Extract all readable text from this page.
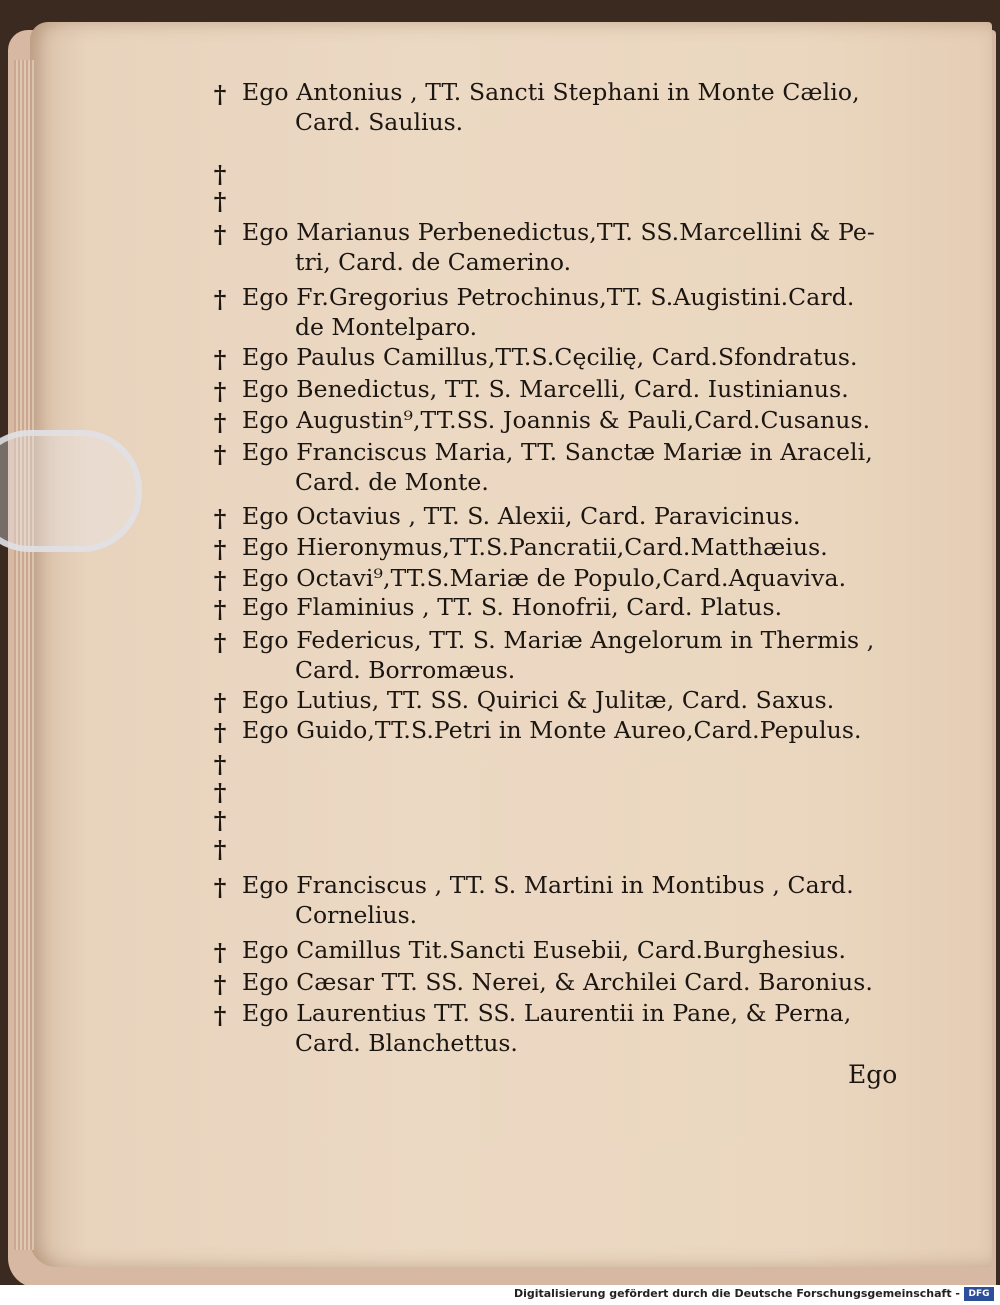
† Ego Antonius , TT. Sancti Stephani in Monte Cælio,
Card. Saulius.
†
†
† Ego Marianus Perbenedictus,TT. SS.Marcellini & Pe-
tri, Card. de Camerino.
† Ego Fr.Gregorius Petrochinus,TT. S.Augistini.Card.
de Montelparo.
† Ego Paulus Camillus,TT.S.Cęcilię, Card.Sfondratus.
† Ego Benedictus, TT. S. Marcelli, Card. Iustinianus.
† Ego Augustin⁹,TT.SS. Joannis & Pauli,Card.Cusanus.
† Ego Franciscus Maria, TT. Sanctæ Mariæ in Araceli,
Card. de Monte.
† Ego Octavius , TT. S. Alexii, Card. Paravicinus.
† Ego Hieronymus,TT.S.Pancratii,Card.Matthæius.
† Ego Octavi⁹,TT.S.Mariæ de Populo,Card.Aquaviva.
† Ego Flaminius , TT. S. Honofrii, Card. Platus.
† Ego Federicus, TT. S. Mariæ Angelorum in Thermis ,
Card. Borromæus.
† Ego Lutius, TT. SS. Quirici & Julitæ, Card. Saxus.
† Ego Guido,TT.S.Petri in Monte Aureo,Card.Pepulus.
†
†
†
†
† Ego Franciscus , TT. S. Martini in Montibus , Card.
Cornelius.
† Ego Camillus Tit.Sancti Eusebii, Card.Burghesius.
† Ego Cæsar TT. SS. Nerei, & Archilei Card. Baronius.
† Ego Laurentius TT. SS. Laurentii in Pane, & Perna,
Card. Blanchettus.
Ego
Digitalisierung gefördert durch die Deutsche Forschungsgemeinschaft - DFG
